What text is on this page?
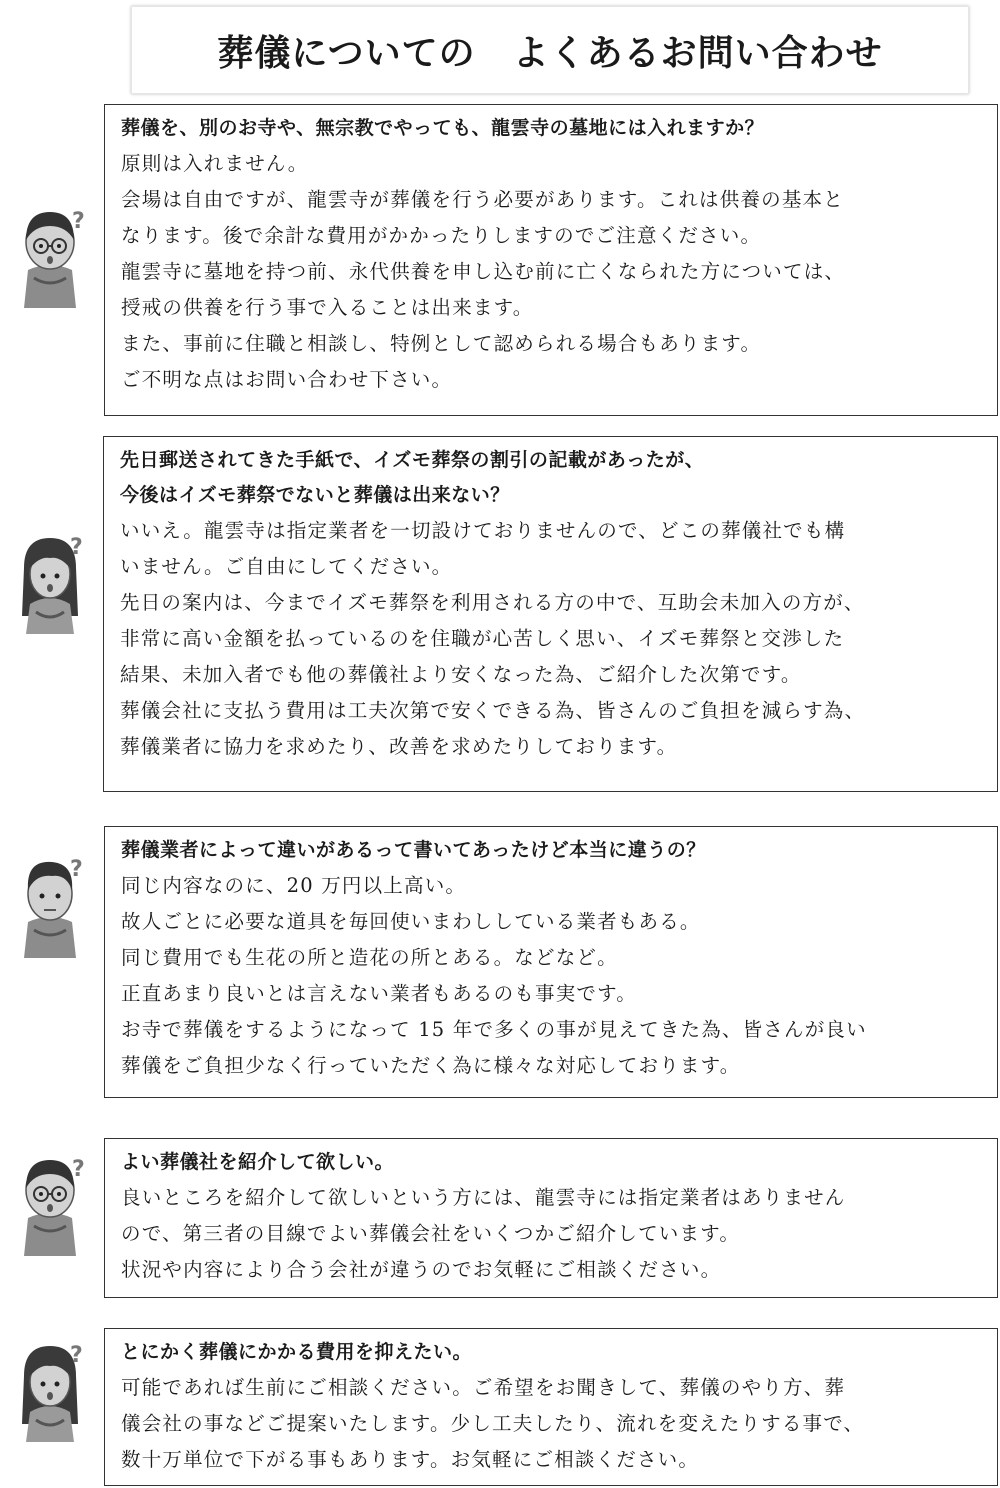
葬儀についての　よくあるお問い合わせ
?
?
?
?
?
葬儀を、別のお寺や、無宗教でやっても、龍雲寺の墓地には入れますか？
原則は入れません。
会場は自由ですが、龍雲寺が葬儀を行う必要があります。これは供養の基本と
なります。後で余計な費用がかかったりしますのでご注意ください。
龍雲寺に墓地を持つ前、永代供養を申し込む前に亡くなられた方については、
授戒の供養を行う事で入ることは出来ます。
また、事前に住職と相談し、特例として認められる場合もあります。
ご不明な点はお問い合わせ下さい。
先日郵送されてきた手紙で、イズモ葬祭の割引の記載があったが、
今後はイズモ葬祭でないと葬儀は出来ない？
いいえ。龍雲寺は指定業者を一切設けておりませんので、どこの葬儀社でも構
いません。ご自由にしてください。
先日の案内は、今までイズモ葬祭を利用される方の中で、互助会未加入の方が、
非常に高い金額を払っているのを住職が心苦しく思い、イズモ葬祭と交渉した
結果、未加入者でも他の葬儀社より安くなった為、ご紹介した次第です。
葬儀会社に支払う費用は工夫次第で安くできる為、皆さんのご負担を減らす為、
葬儀業者に協力を求めたり、改善を求めたりしております。
葬儀業者によって違いがあるって書いてあったけど本当に違うの？
同じ内容なのに、20 万円以上高い。
故人ごとに必要な道具を毎回使いまわししている業者もある。
同じ費用でも生花の所と造花の所とある。などなど。
正直あまり良いとは言えない業者もあるのも事実です。
お寺で葬儀をするようになって 15 年で多くの事が見えてきた為、皆さんが良い
葬儀をご負担少なく行っていただく為に様々な対応しております。
よい葬儀社を紹介して欲しい。
良いところを紹介して欲しいという方には、龍雲寺には指定業者はありません
ので、第三者の目線でよい葬儀会社をいくつかご紹介しています。
状況や内容により合う会社が違うのでお気軽にご相談ください。
とにかく葬儀にかかる費用を抑えたい。
可能であれば生前にご相談ください。ご希望をお聞きして、葬儀のやり方、葬
儀会社の事などご提案いたします。少し工夫したり、流れを変えたりする事で、
数十万単位で下がる事もあります。お気軽にご相談ください。
